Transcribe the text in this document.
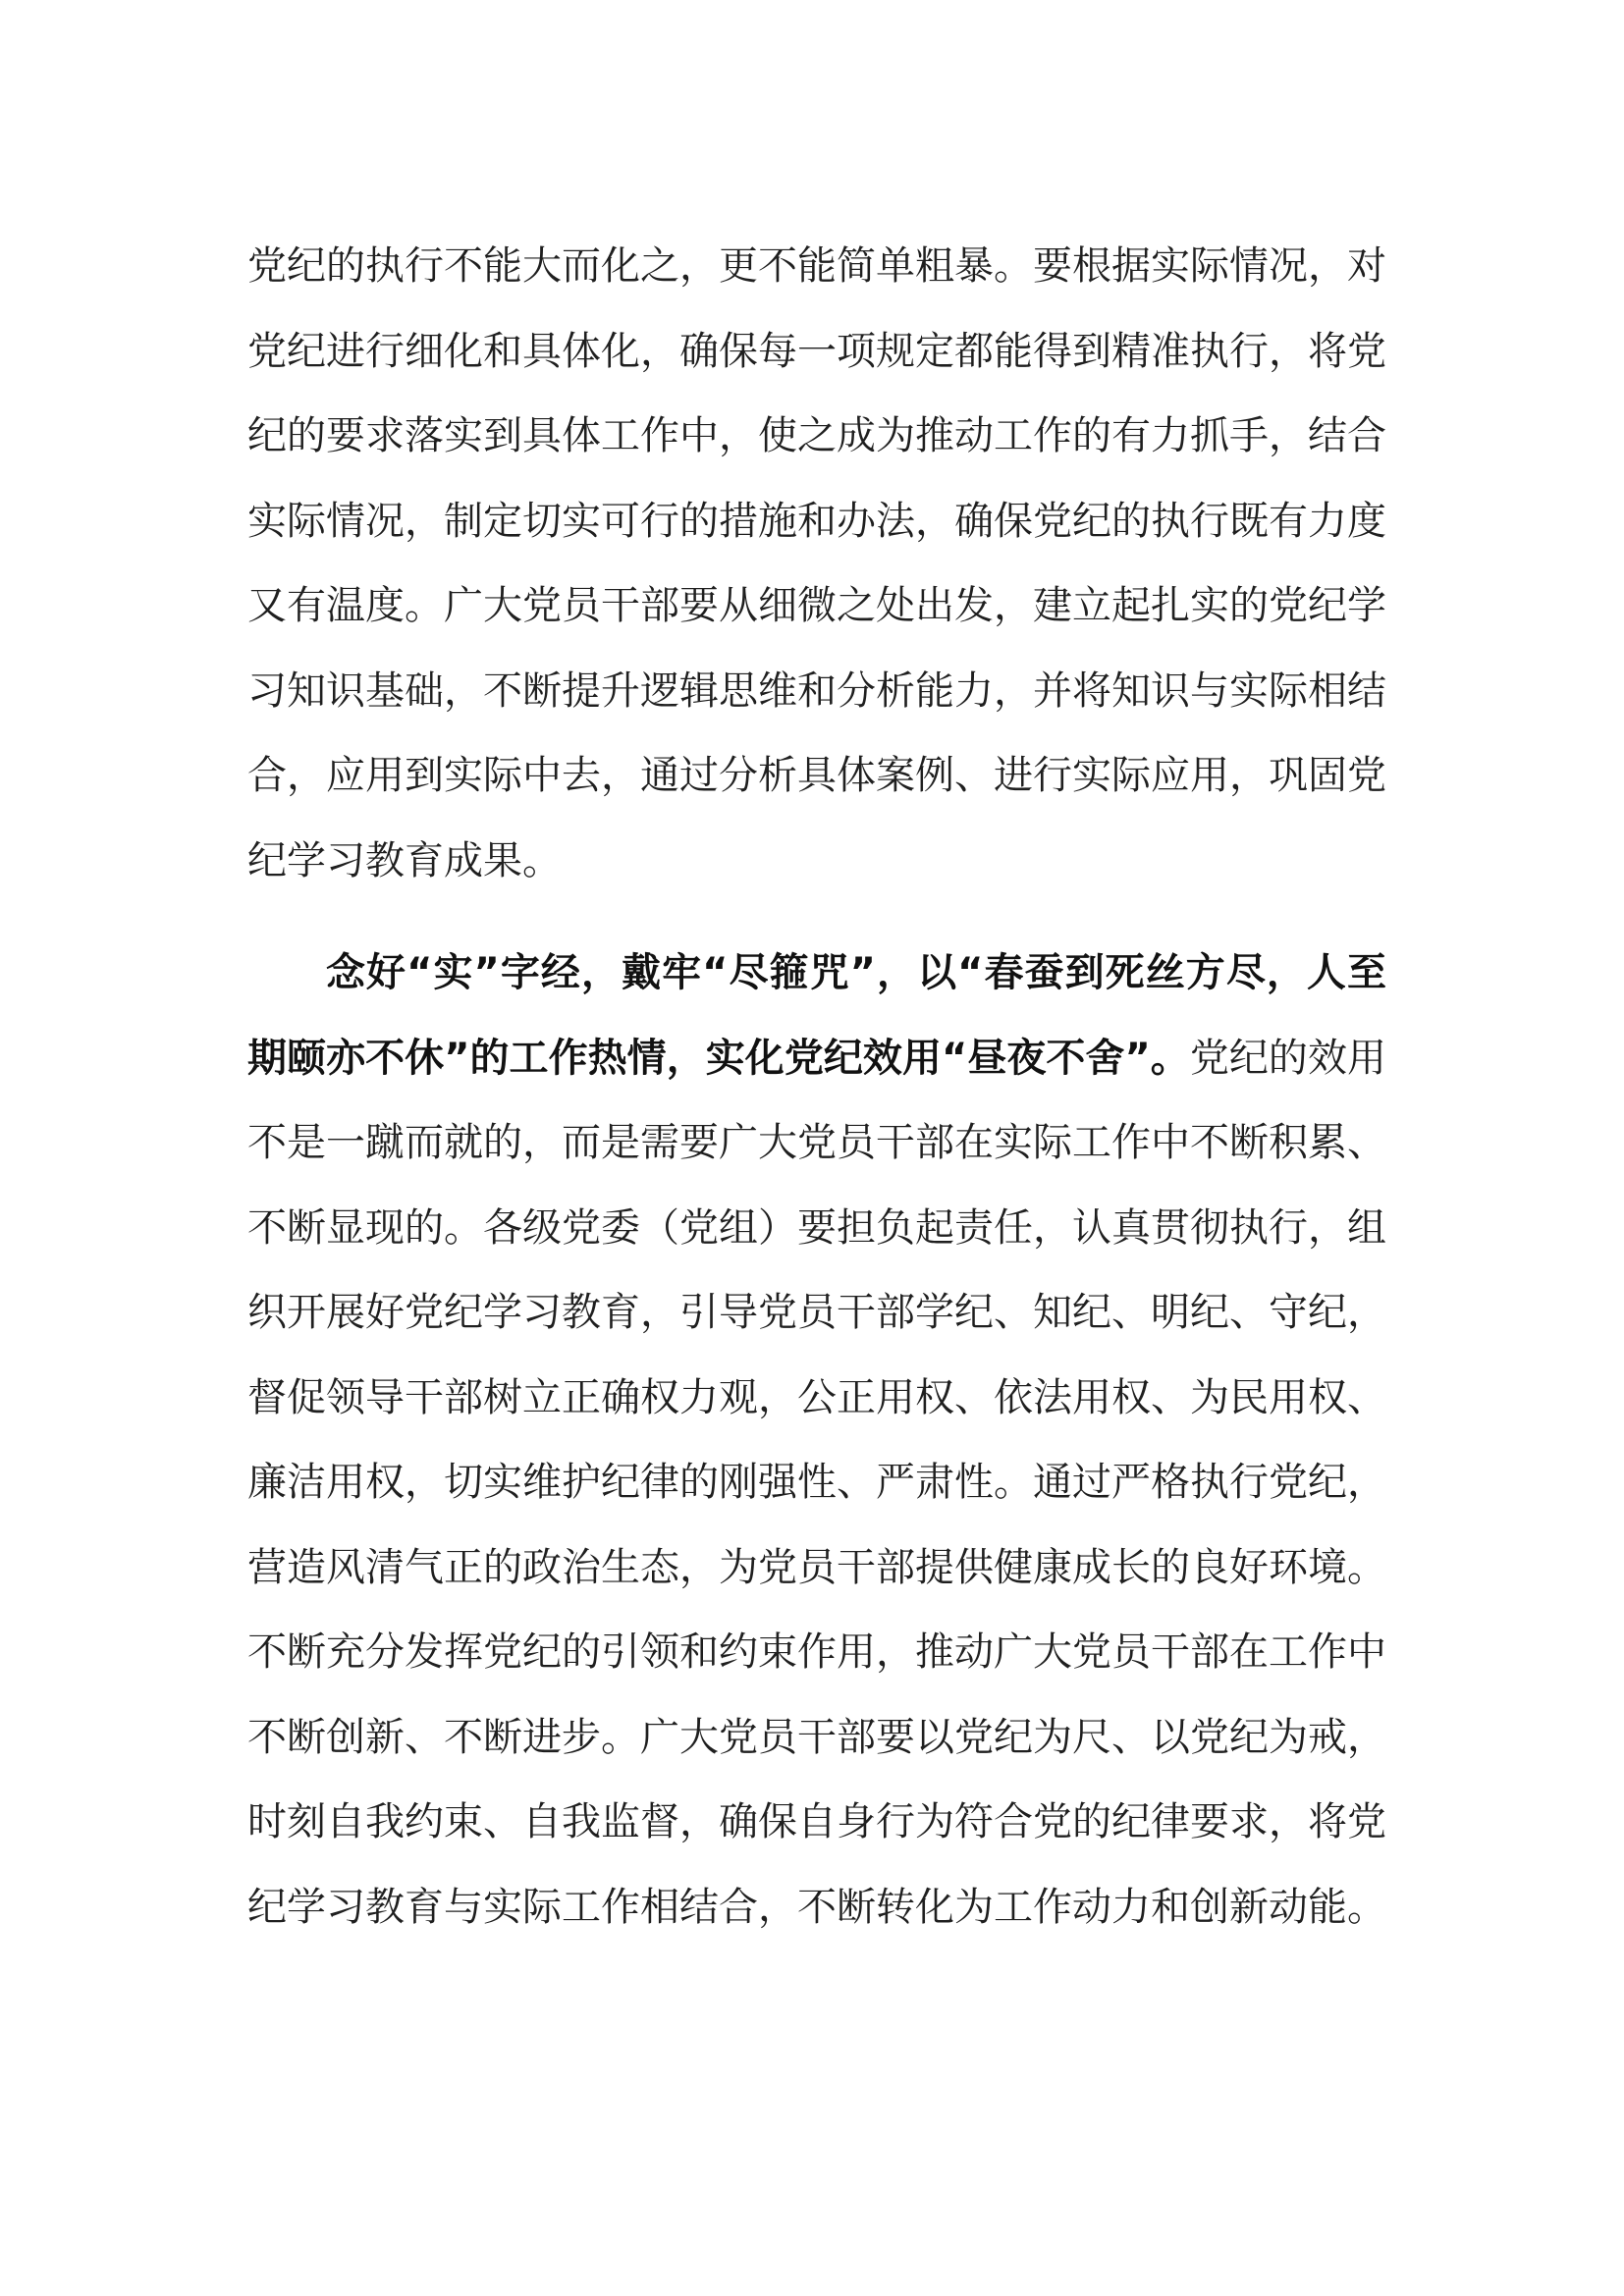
党纪的执行不能大而化之，更不能简单粗暴。要根据实际情况，对党纪进行细化和具体化，确保每一项规定都能得到精准执行，将党纪的要求落实到具体工作中，使之成为推动工作的有力抓手，结合实际情况，制定切实可行的措施和办法，确保党纪的执行既有力度又有温度。广大党员干部要从细微之处出发，建立起扎实的党纪学习知识基础，不断提升逻辑思维和分析能力，并将知识与实际相结合，应用到实际中去，通过分析具体案例、进行实际应用，巩固党纪学习教育成果。

念好“实”字经，戴牢“尽箍咒”，以“春蚕到死丝方尽，人至期颐亦不休”的工作热情，实化党纪效用“昼夜不舍”。党纪的效用不是一蹴而就的，而是需要广大党员干部在实际工作中不断积累、不断显现的。各级党委（党组）要担负起责任，认真贯彻执行，组织开展好党纪学习教育，引导党员干部学纪、知纪、明纪、守纪，督促领导干部树立正确权力观，公正用权、依法用权、为民用权、廉洁用权，切实维护纪律的刚强性、严肃性。通过严格执行党纪，营造风清气正的政治生态，为党员干部提供健康成长的良好环境。不断充分发挥党纪的引领和约束作用，推动广大党员干部在工作中不断创新、不断进步。广大党员干部要以党纪为尺、以党纪为戒，时刻自我约束、自我监督，确保自身行为符合党的纪律要求，将党纪学习教育与实际工作相结合，不断转化为工作动力和创新动能。
